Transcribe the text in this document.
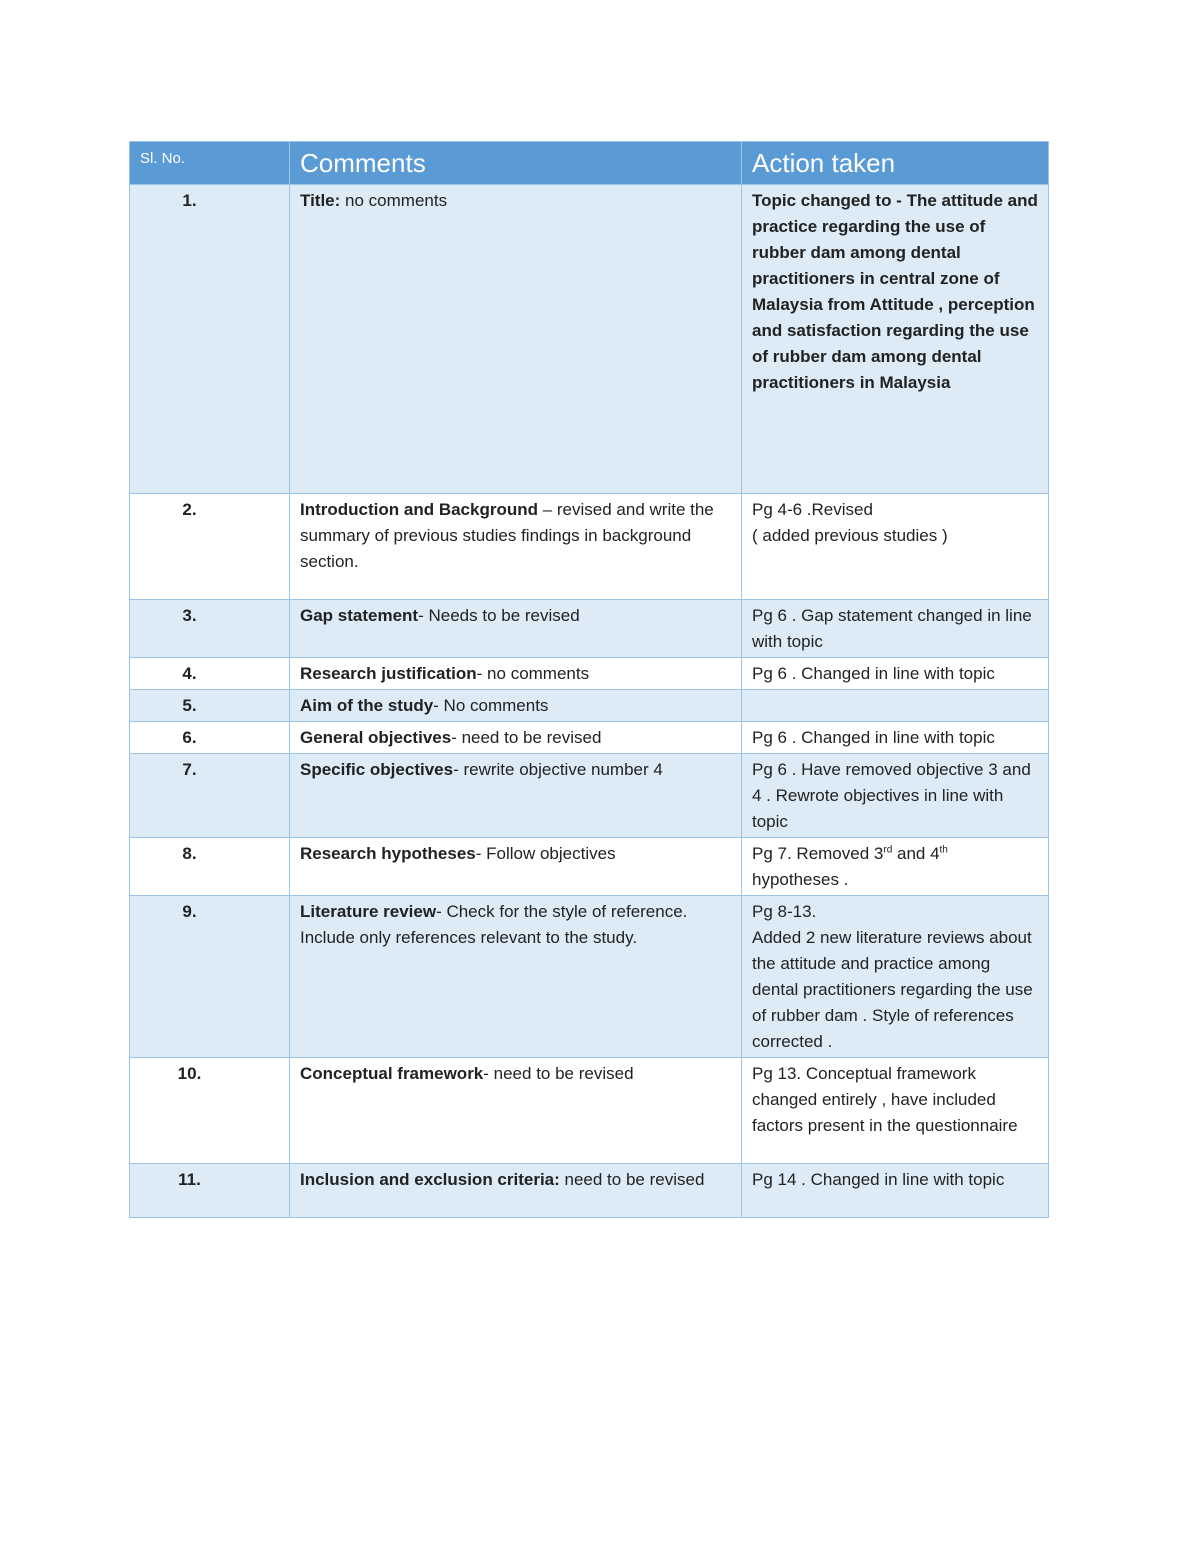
Sl. No.	Comments	Action taken
1.	Title: no comments	Topic changed to - The attitude and practice regarding the use of rubber dam among dental practitioners in central zone of Malaysia from Attitude , perception and satisfaction regarding the use of rubber dam among dental practitioners in Malaysia
2.	Introduction and Background – revised and write the summary of previous studies findings in background section.	Pg 4-6 .Revised
( added previous studies )

3.	Gap statement- Needs to be revised	Pg 6 . Gap statement changed in line with topic
4.	Research justification- no comments	Pg 6 . Changed in line with topic
5.	Aim of the study- No comments	
6.	General objectives- need to be revised	Pg 6 . Changed in line with topic
7.	Specific objectives- rewrite objective number 4	Pg 6 . Have removed objective 3 and 4 . Rewrote objectives in line with topic
8.	Research hypotheses- Follow objectives	Pg 7. Removed 3rd and 4th hypotheses .
9.	Literature review- Check for the style of reference. Include only references relevant to the study.	Pg 8-13.
Added 2 new literature reviews about the attitude and practice among dental practitioners regarding the use of rubber dam . Style of references corrected .

10.	Conceptual framework- need to be revised	Pg 13. Conceptual framework changed entirely , have included factors present in the questionnaire
11.	Inclusion and exclusion criteria: need to be revised	Pg 14 . Changed in line with topic
